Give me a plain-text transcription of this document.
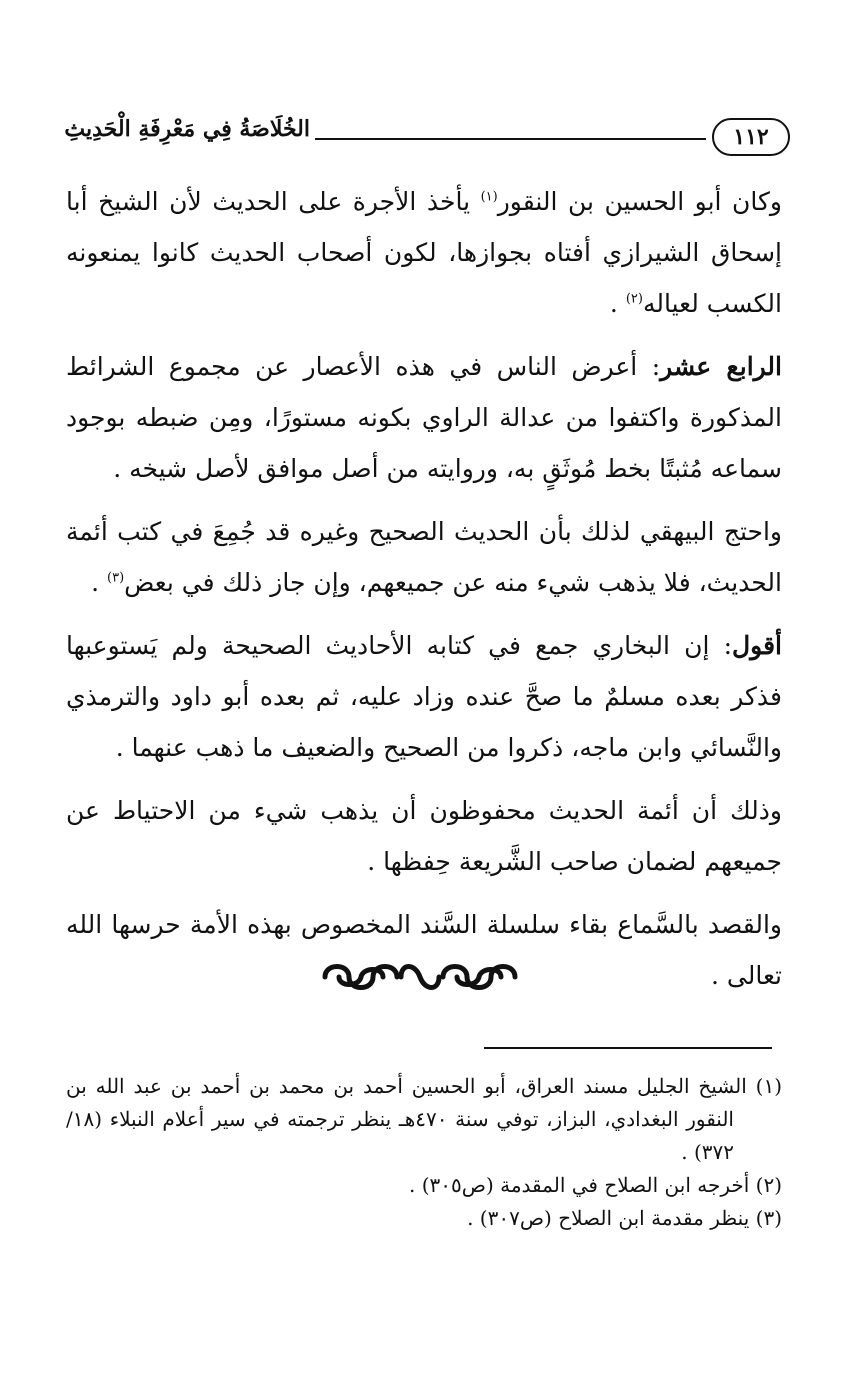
الخُلَاصَةُ فِي مَعْرِفَةِ الْحَدِيثِ	١١٢

وكان أبو الحسين بن النقور$^{(١)}$ يأخذ الأجرة على الحديث لأن الشيخ أبا إسحاق الشيرازي أفتاه بجوازها، لكون أصحاب الحديث كانوا يمنعونه الكسب لعياله$^{(٢)}$ .

الرابع عشر: أعرض الناس في هذه الأعصار عن مجموع الشرائط المذكورة واكتفوا من عدالة الراوي بكونه مستورًا، ومِن ضبطه بوجود سماعه مُثبتًا بخط مُوثَقٍ به، وروايته من أصل موافق لأصل شيخه .

واحتج البيهقي لذلك بأن الحديث الصحيح وغيره قد جُمِعَ في كتب أئمة الحديث، فلا يذهب شيء منه عن جميعهم، وإن جاز ذلك في بعض$^{(٣)}$ .

أقول: إن البخاري جمع في كتابه الأحاديث الصحيحة ولم يَستوعبها فذكر بعده مسلمٌ ما صحَّ عنده وزاد عليه، ثم بعده أبو داود والترمذي والنَّسائي وابن ماجه، ذكروا من الصحيح والضعيف ما ذهب عنهما .

وذلك أن أئمة الحديث محفوظون أن يذهب شيء من الاحتياط عن جميعهم لضمان صاحب الشَّريعة حِفظها .

والقصد بالسَّماع بقاء سلسلة السَّند المخصوص بهذه الأمة حرسها الله تعالى .

(١) الشيخ الجليل مسند العراق، أبو الحسين أحمد بن محمد بن أحمد بن عبد الله بن النقور البغدادي، البزاز، توفي سنة ٤٧٠هـ ينظر ترجمته في سير أعلام النبلاء (١٨/ ٣٧٢) .

(٢) أخرجه ابن الصلاح في المقدمة (ص٣٠٥) .

(٣) ينظر مقدمة ابن الصلاح (ص٣٠٧) .
